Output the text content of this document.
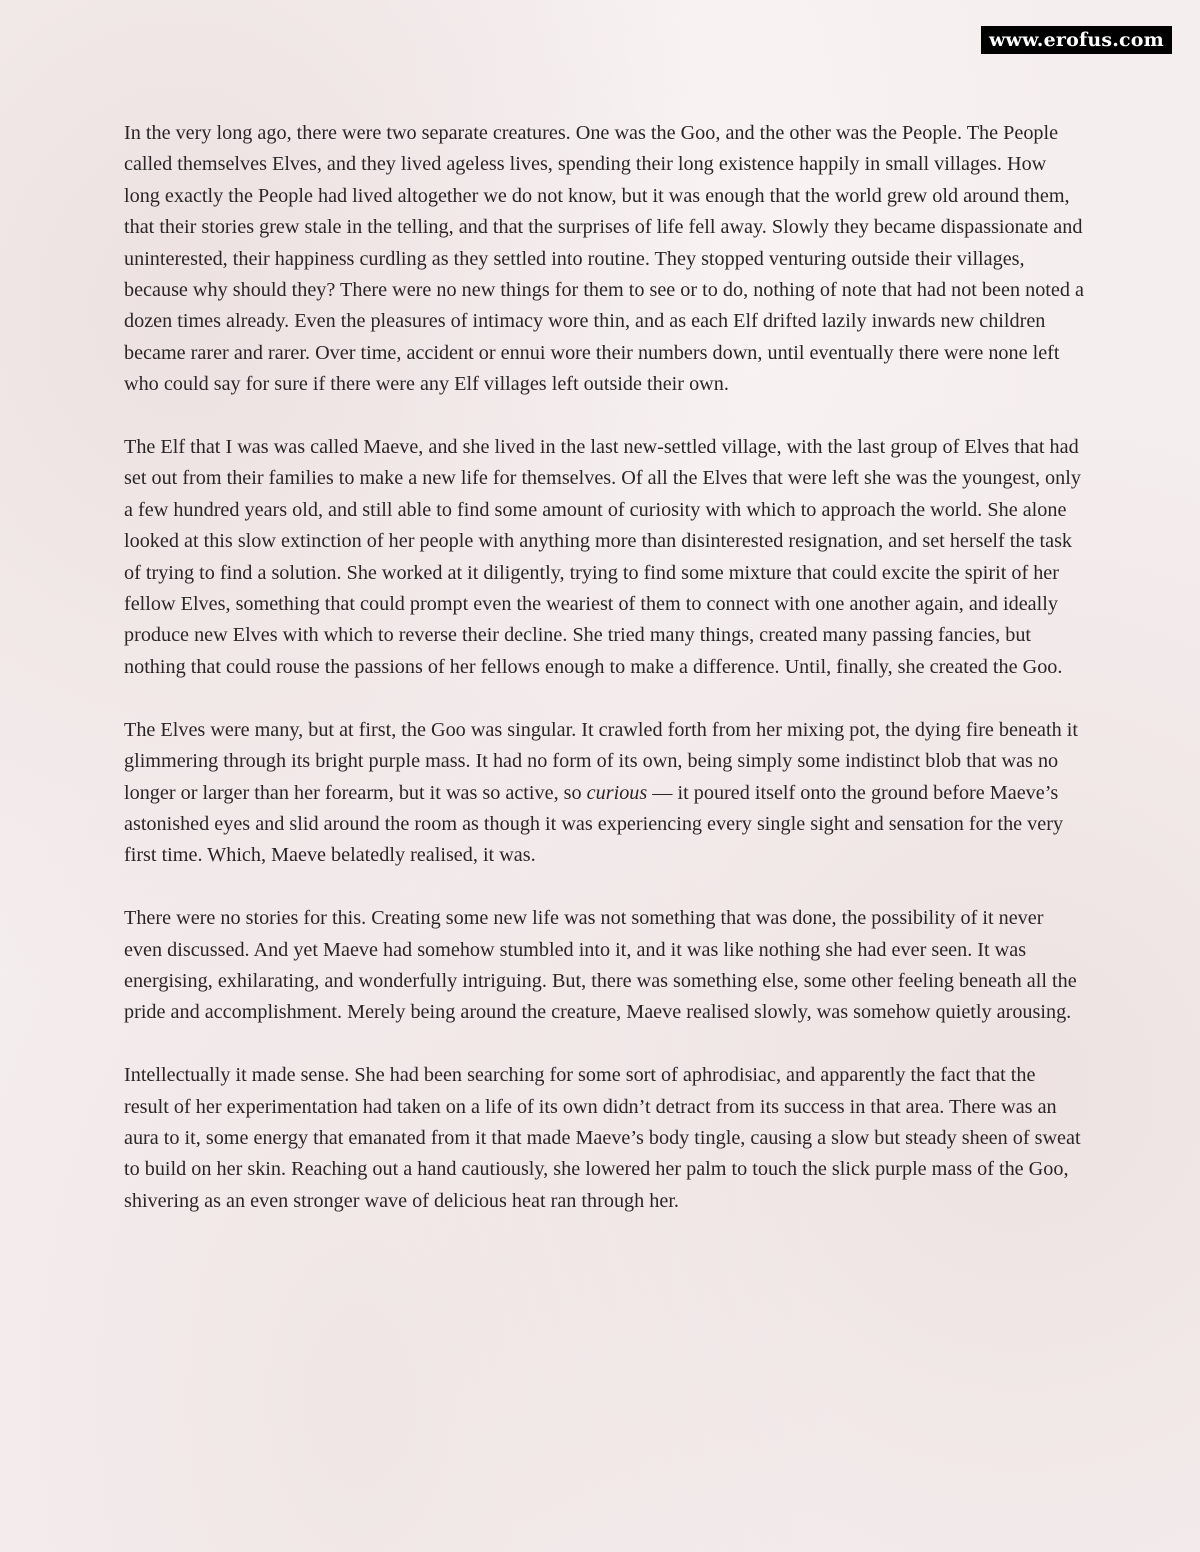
www.erofus.com

In the very long ago, there were two separate creatures. One was the Goo, and the other was the People. The People called themselves Elves, and they lived ageless lives, spending their long existence happily in small villages. How long exactly the People had lived altogether we do not know, but it was enough that the world grew old around them, that their stories grew stale in the telling, and that the surprises of life fell away. Slowly they became dispassionate and uninterested, their happiness curdling as they settled into routine. They stopped venturing outside their villages, because why should they? There were no new things for them to see or to do, nothing of note that had not been noted a dozen times already. Even the pleasures of intimacy wore thin, and as each Elf drifted lazily inwards new children became rarer and rarer. Over time, accident or ennui wore their numbers down, until eventually there were none left who could say for sure if there were any Elf villages left outside their own.

The Elf that I was was called Maeve, and she lived in the last new-settled village, with the last group of Elves that had set out from their families to make a new life for themselves. Of all the Elves that were left she was the youngest, only a few hundred years old, and still able to find some amount of curiosity with which to approach the world. She alone looked at this slow extinction of her people with anything more than disinterested resignation, and set herself the task of trying to find a solution. She worked at it diligently, trying to find some mixture that could excite the spirit of her fellow Elves, something that could prompt even the weariest of them to connect with one another again, and ideally produce new Elves with which to reverse their decline. She tried many things, created many passing fancies, but nothing that could rouse the passions of her fellows enough to make a difference. Until, finally, she created the Goo.

The Elves were many, but at first, the Goo was singular. It crawled forth from her mixing pot, the dying fire beneath it glimmering through its bright purple mass. It had no form of its own, being simply some indistinct blob that was no longer or larger than her forearm, but it was so active, so curious — it poured itself onto the ground before Maeve’s astonished eyes and slid around the room as though it was experiencing every single sight and sensation for the very first time. Which, Maeve belatedly realised, it was.

There were no stories for this. Creating some new life was not something that was done, the possibility of it never even discussed. And yet Maeve had somehow stumbled into it, and it was like nothing she had ever seen. It was energising, exhilarating, and wonderfully intriguing. But, there was something else, some other feeling beneath all the pride and accomplishment. Merely being around the creature, Maeve realised slowly, was somehow quietly arousing.

Intellectually it made sense. She had been searching for some sort of aphrodisiac, and apparently the fact that the result of her experimentation had taken on a life of its own didn’t detract from its success in that area. There was an aura to it, some energy that emanated from it that made Maeve’s body tingle, causing a slow but steady sheen of sweat to build on her skin. Reaching out a hand cautiously, she lowered her palm to touch the slick purple mass of the Goo, shivering as an even stronger wave of delicious heat ran through her.
